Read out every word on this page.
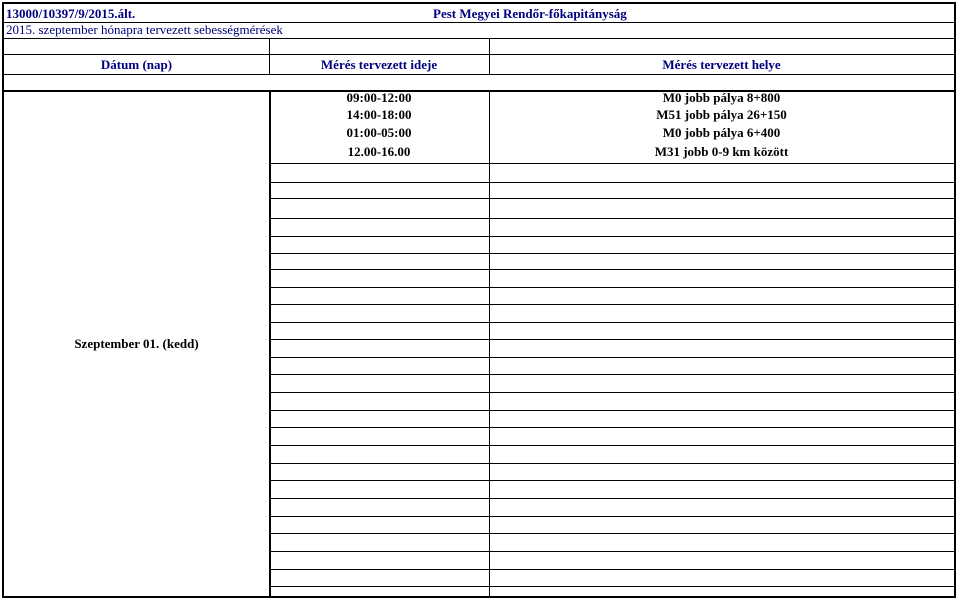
13000/10397/9/2015.ált.	Pest Megyei Rendőr-főkapitányság
2015. szeptember hónapra tervezett sebességmérések
Dátum (nap)	Mérés tervezett ideje	Mérés tervezett helye
Szeptember 01. (kedd)
09:00-12:00	M0 jobb pálya 8+800
14:00-18:00	M51 jobb pálya 26+150
01:00-05:00	M0 jobb pálya 6+400
12.00-16.00	M31 jobb 0-9 km között
